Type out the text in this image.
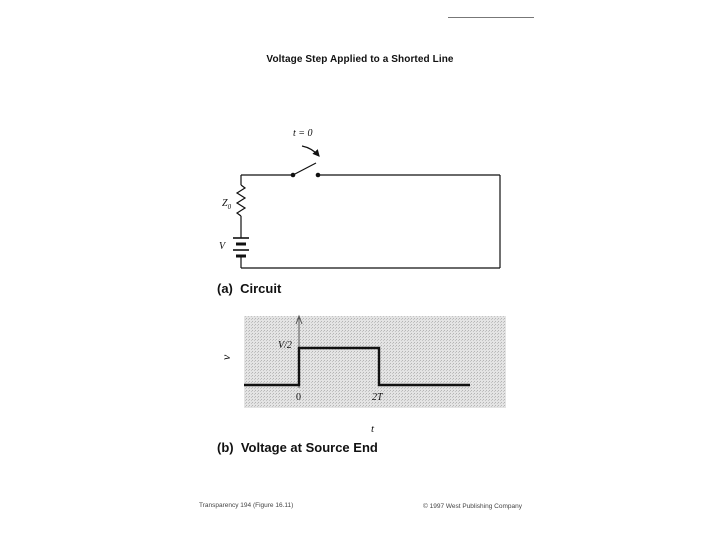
Voltage Step Applied to a Shorted Line
t = 0
$Z_0$
V
(a)  Circuit
V/2
v
0	2T
t
(b)  Voltage at Source End
Transparency 194 (Figure 16.11)	© 1997 West Publishing Company
